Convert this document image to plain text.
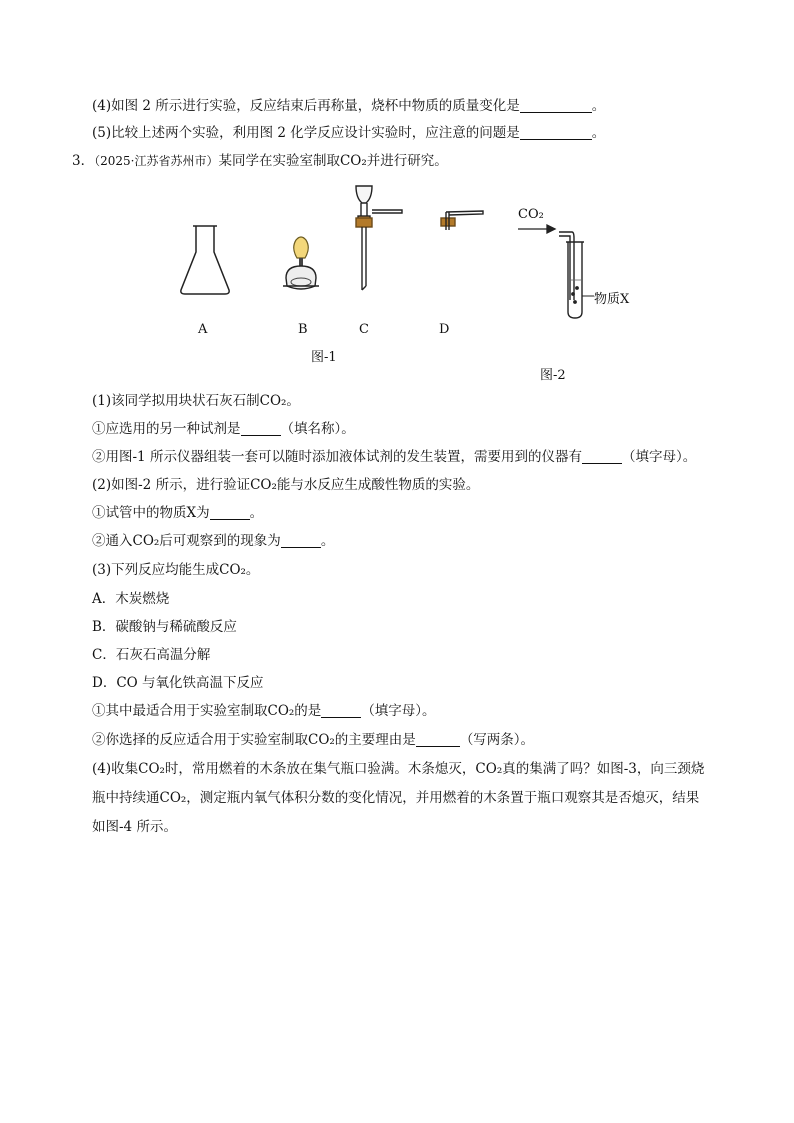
(4)如图 2 所示进行实验，反应结束后再称量，烧杯中物质的质量变化是	。
(5)比较上述两个实验，利用图 2 化学反应设计实验时，应注意的问题是	。
3．（2025·江苏省苏州市）某同学在实验室制取CO₂并进行研究。
CO₂
物质X
A	B	C	D
图-1
图-2
(1)该同学拟用块状石灰石制CO₂。
①应选用的另一种试剂是	（填名称）。
②用图-1 所示仪器组装一套可以随时添加液体试剂的发生装置，需要用到的仪器有	（填字母）。
(2)如图-2 所示，进行验证CO₂能与水反应生成酸性物质的实验。
①试管中的物质X为	。
②通入CO₂后可观察到的现象为	。
(3)下列反应均能生成CO₂。
A．木炭燃烧
B．碳酸钠与稀硫酸反应
C．石灰石高温分解
D．CO 与氧化铁高温下反应
①其中最适合用于实验室制取CO₂的是	（填字母）。
②你选择的反应适合用于实验室制取CO₂的主要理由是	（写两条）。
(4)收集CO₂时，常用燃着的木条放在集气瓶口验满。木条熄灭，CO₂真的集满了吗？如图-3，向三颈烧
瓶中持续通CO₂，测定瓶内氧气体积分数的变化情况，并用燃着的木条置于瓶口观察其是否熄灭，结果
如图-4 所示。
